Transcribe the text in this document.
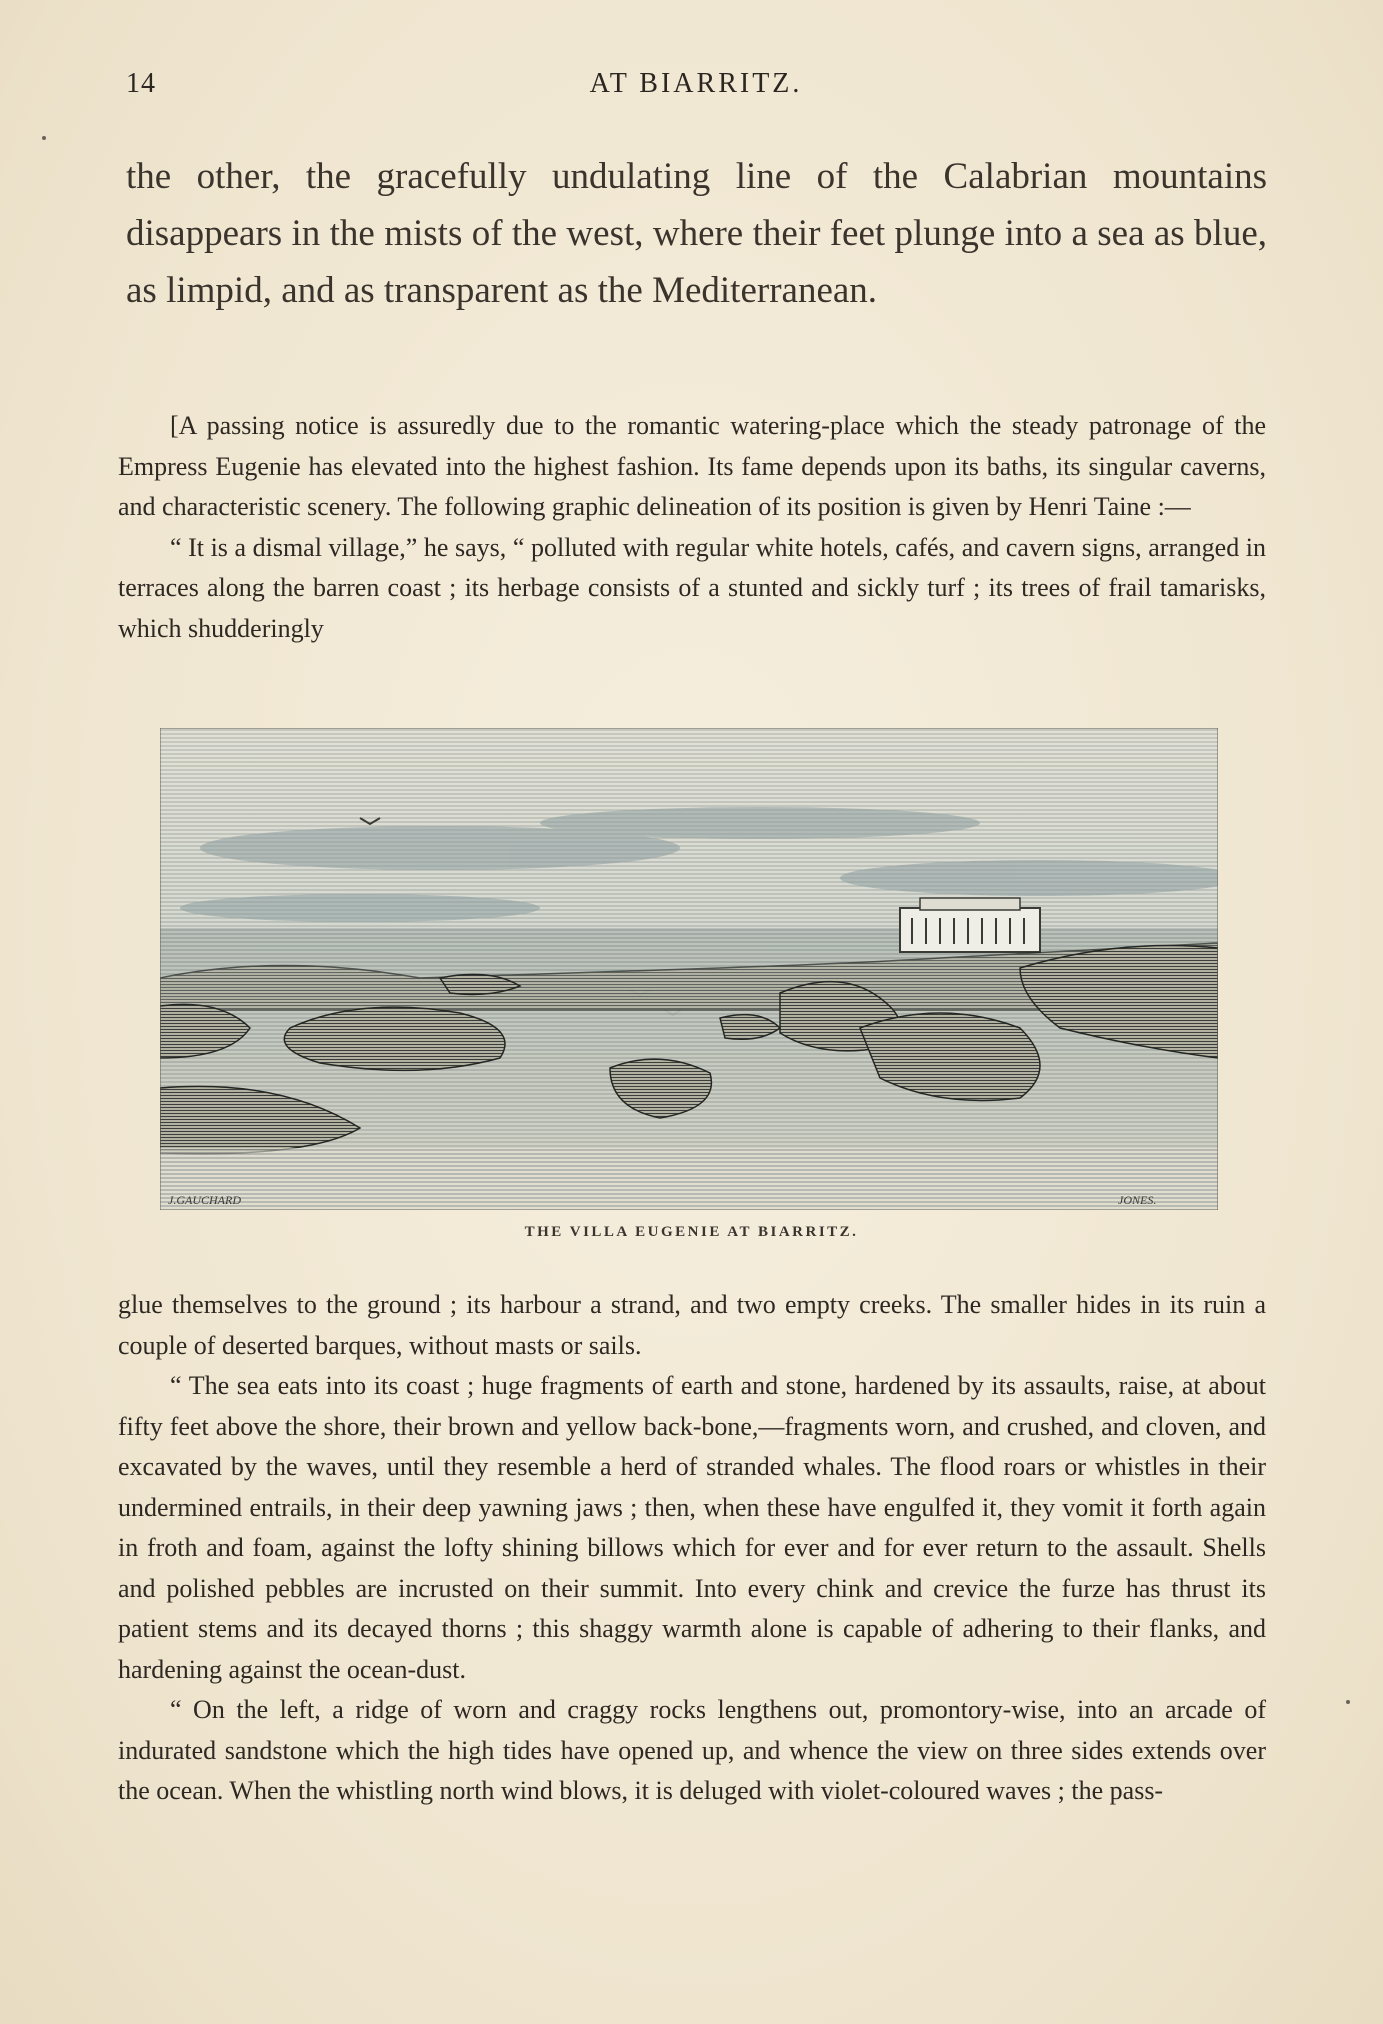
14	AT BIARRITZ.

the other, the gracefully undulating line of the Calabrian mountains disappears in the mists of the west, where their feet plunge into a sea as blue, as limpid, and as transparent as the Mediterranean.

[A passing notice is assuredly due to the romantic watering-place which the steady patronage of the Empress Eugenie has elevated into the highest fashion. Its fame depends upon its baths, its singular caverns, and characteristic scenery. The following graphic delineation of its position is given by Henri Taine :—

“ It is a dismal village,” he says, “ polluted with regular white hotels, cafés, and cavern signs, arranged in terraces along the barren coast ; its herbage consists of a stunted and sickly turf ; its trees of frail tamarisks, which shudderingly

J.GAUCHARD	JONES.
THE VILLA EUGENIE AT BIARRITZ.

glue themselves to the ground ; its harbour a strand, and two empty creeks. The smaller hides in its ruin a couple of deserted barques, without masts or sails.

“ The sea eats into its coast ; huge fragments of earth and stone, hardened by its assaults, raise, at about fifty feet above the shore, their brown and yellow back-bone,—fragments worn, and crushed, and cloven, and excavated by the waves, until they resemble a herd of stranded whales. The flood roars or whistles in their undermined entrails, in their deep yawning jaws ; then, when these have engulfed it, they vomit it forth again in froth and foam, against the lofty shining billows which for ever and for ever return to the assault. Shells and polished pebbles are incrusted on their summit. Into every chink and crevice the furze has thrust its patient stems and its decayed thorns ; this shaggy warmth alone is capable of adhering to their flanks, and hardening against the ocean-dust.

“ On the left, a ridge of worn and craggy rocks lengthens out, promontory-wise, into an arcade of indurated sandstone which the high tides have opened up, and whence the view on three sides extends over the ocean. When the whistling north wind blows, it is deluged with violet-coloured waves ; the pass-
